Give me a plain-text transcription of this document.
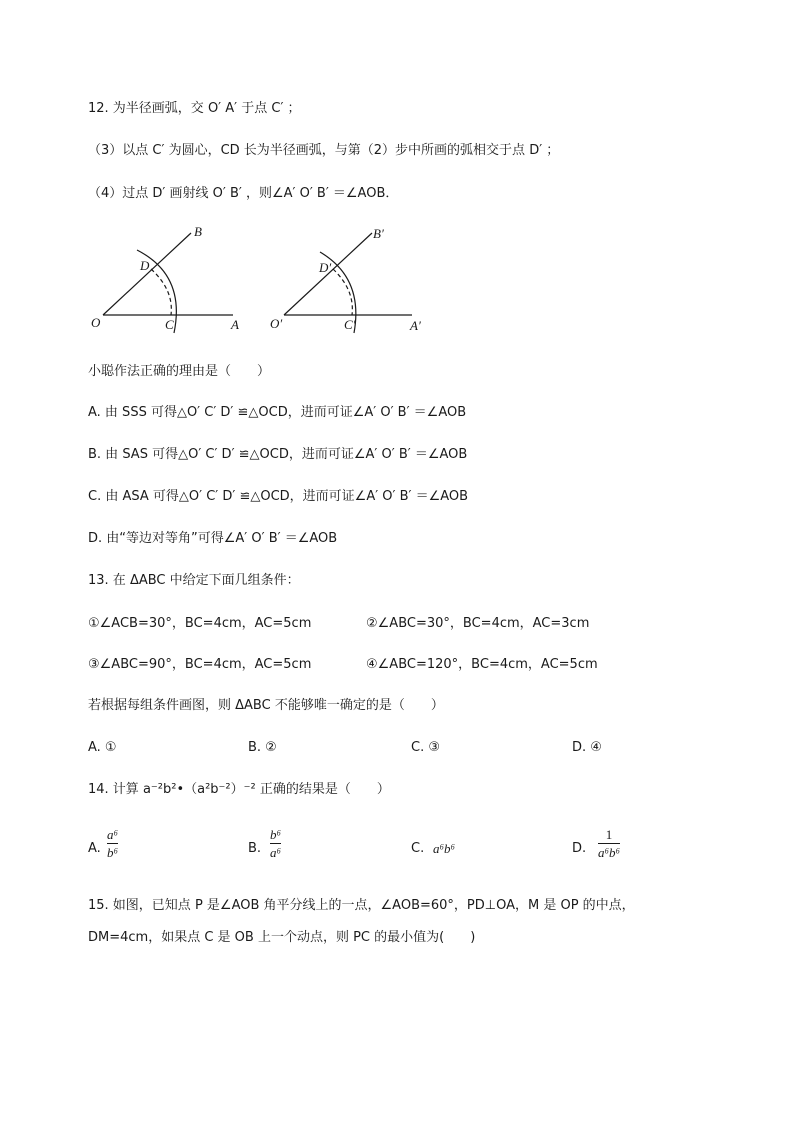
12. 为半径画弧，交 O′ A′ 于点 C′ ；
（3）以点 C′ 为圆心，CD 长为半径画弧，与第（2）步中所画的弧相交于点 D′ ；
（4）过点 D′ 画射线 O′ B′ ，则∠A′ O′ B′ ＝∠AOB．
O	A
B
C
D
O′	A′
B′
C′
D′
小聪作法正确的理由是（　　）
A. 由 SSS 可得△O′ C′ D′ ≌△OCD，进而可证∠A′ O′ B′ ＝∠AOB
B. 由 SAS 可得△O′ C′ D′ ≌△OCD，进而可证∠A′ O′ B′ ＝∠AOB
C. 由 ASA 可得△O′ C′ D′ ≌△OCD，进而可证∠A′ O′ B′ ＝∠AOB
D. 由“等边对等角”可得∠A′ O′ B′ ＝∠AOB
13. 在 ΔABC 中给定下面几组条件：
①∠ACB=30°，BC=4cm，AC=5cm	②∠ABC=30°，BC=4cm，AC=3cm
③∠ABC=90°，BC=4cm，AC=5cm	④∠ABC=120°，BC=4cm，AC=5cm
若根据每组条件画图，则 ΔABC 不能够唯一确定的是（　　）
A. ①	B. ②	C. ③	D. ④
14. 计算 a⁻²b²•（a²b⁻²）⁻² 正确的结果是（　　）
A.
a⁶
b⁶	B.
b⁶
a⁶	C. a⁶b⁶	D.
1
a⁶b⁶
15. 如图，已知点 P 是∠AOB 角平分线上的一点，∠AOB=60°，PD⊥OA，M 是 OP 的中点，
DM=4cm，如果点 C 是 OB 上一个动点，则 PC 的最小值为(　　)
